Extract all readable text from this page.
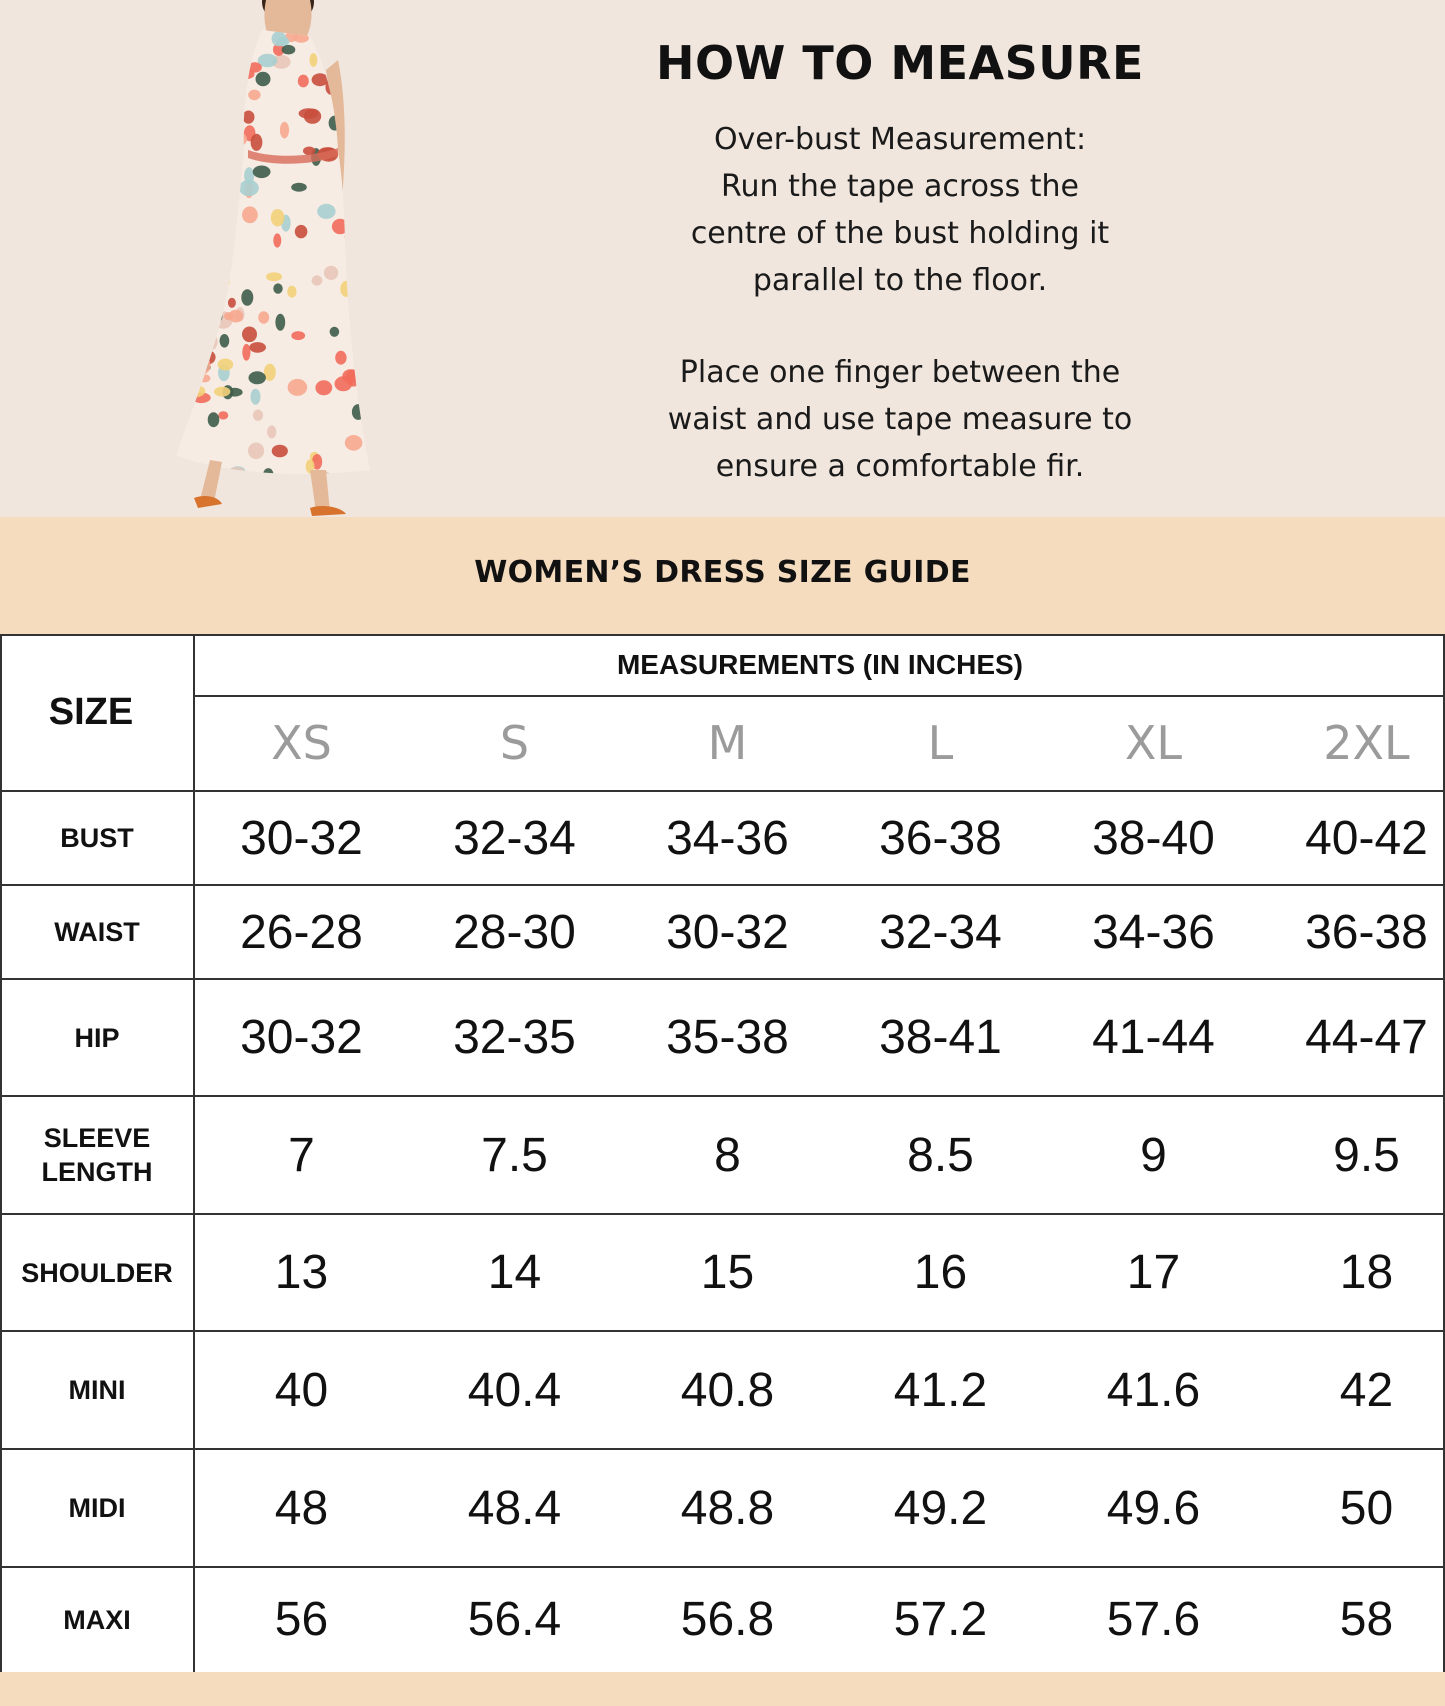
HOW TO MEASURE

Over-bust Measurement:
Run the tape across the
centre of the bust holding it
parallel to the floor.

Place one finger between the
waist and use tape measure to
ensure a comfortable fir.

WOMEN’S DRESS SIZE GUIDE
SIZE
MEASUREMENTS (IN INCHES)
XS	S	M	L	XL	2XL
BUST	30-32	32-34	34-36	36-38	38-40	40-42
WAIST	26-28	28-30	30-32	32-34	34-36	36-38
HIP	30-32	32-35	35-38	38-41	41-44	44-47
SLEEVE
LENGTH	7	7.5	8	8.5	9	9.5
SHOULDER	13	14	15	16	17	18
MINI	40	40.4	40.8	41.2	41.6	42
MIDI	48	48.4	48.8	49.2	49.6	50
MAXI	56	56.4	56.8	57.2	57.6	58
